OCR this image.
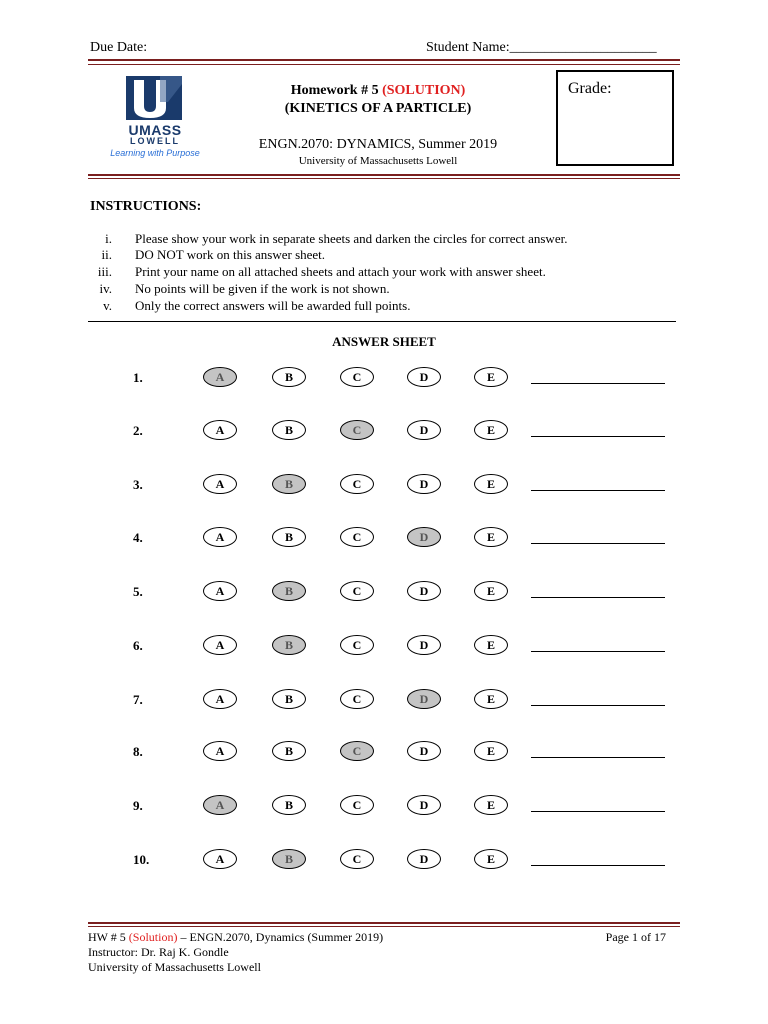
Due Date:	Student Name:_____________________
UMASS
LOWELL
Learning with Purpose
Homework # 5 (SOLUTION)
(KINETICS OF A PARTICLE)
ENGN.2070: DYNAMICS, Summer 2019
University of Massachusetts Lowell
Grade:
INSTRUCTIONS:
i. Please show your work in separate sheets and darken the circles for correct answer.
ii. DO NOT work on this answer sheet.
iii. Print your name on all attached sheets and attach your work with answer sheet.
iv. No points will be given if the work is not shown.
v. Only the correct answers will be awarded full points.
ANSWER SHEET
1.	A	B	C	D	E
2.	A	B	C	D	E
3.	A	B	C	D	E
4.	A	B	C	D	E
5.	A	B	C	D	E
6.	A	B	C	D	E
7.	A	B	C	D	E
8.	A	B	C	D	E
9.	A	B	C	D	E
10.	A	B	C	D	E
HW # 5 (Solution) – ENGN.2070, Dynamics (Summer 2019)
Instructor: Dr. Raj K. Gondle
University of Massachusetts Lowell
Page 1 of 17
